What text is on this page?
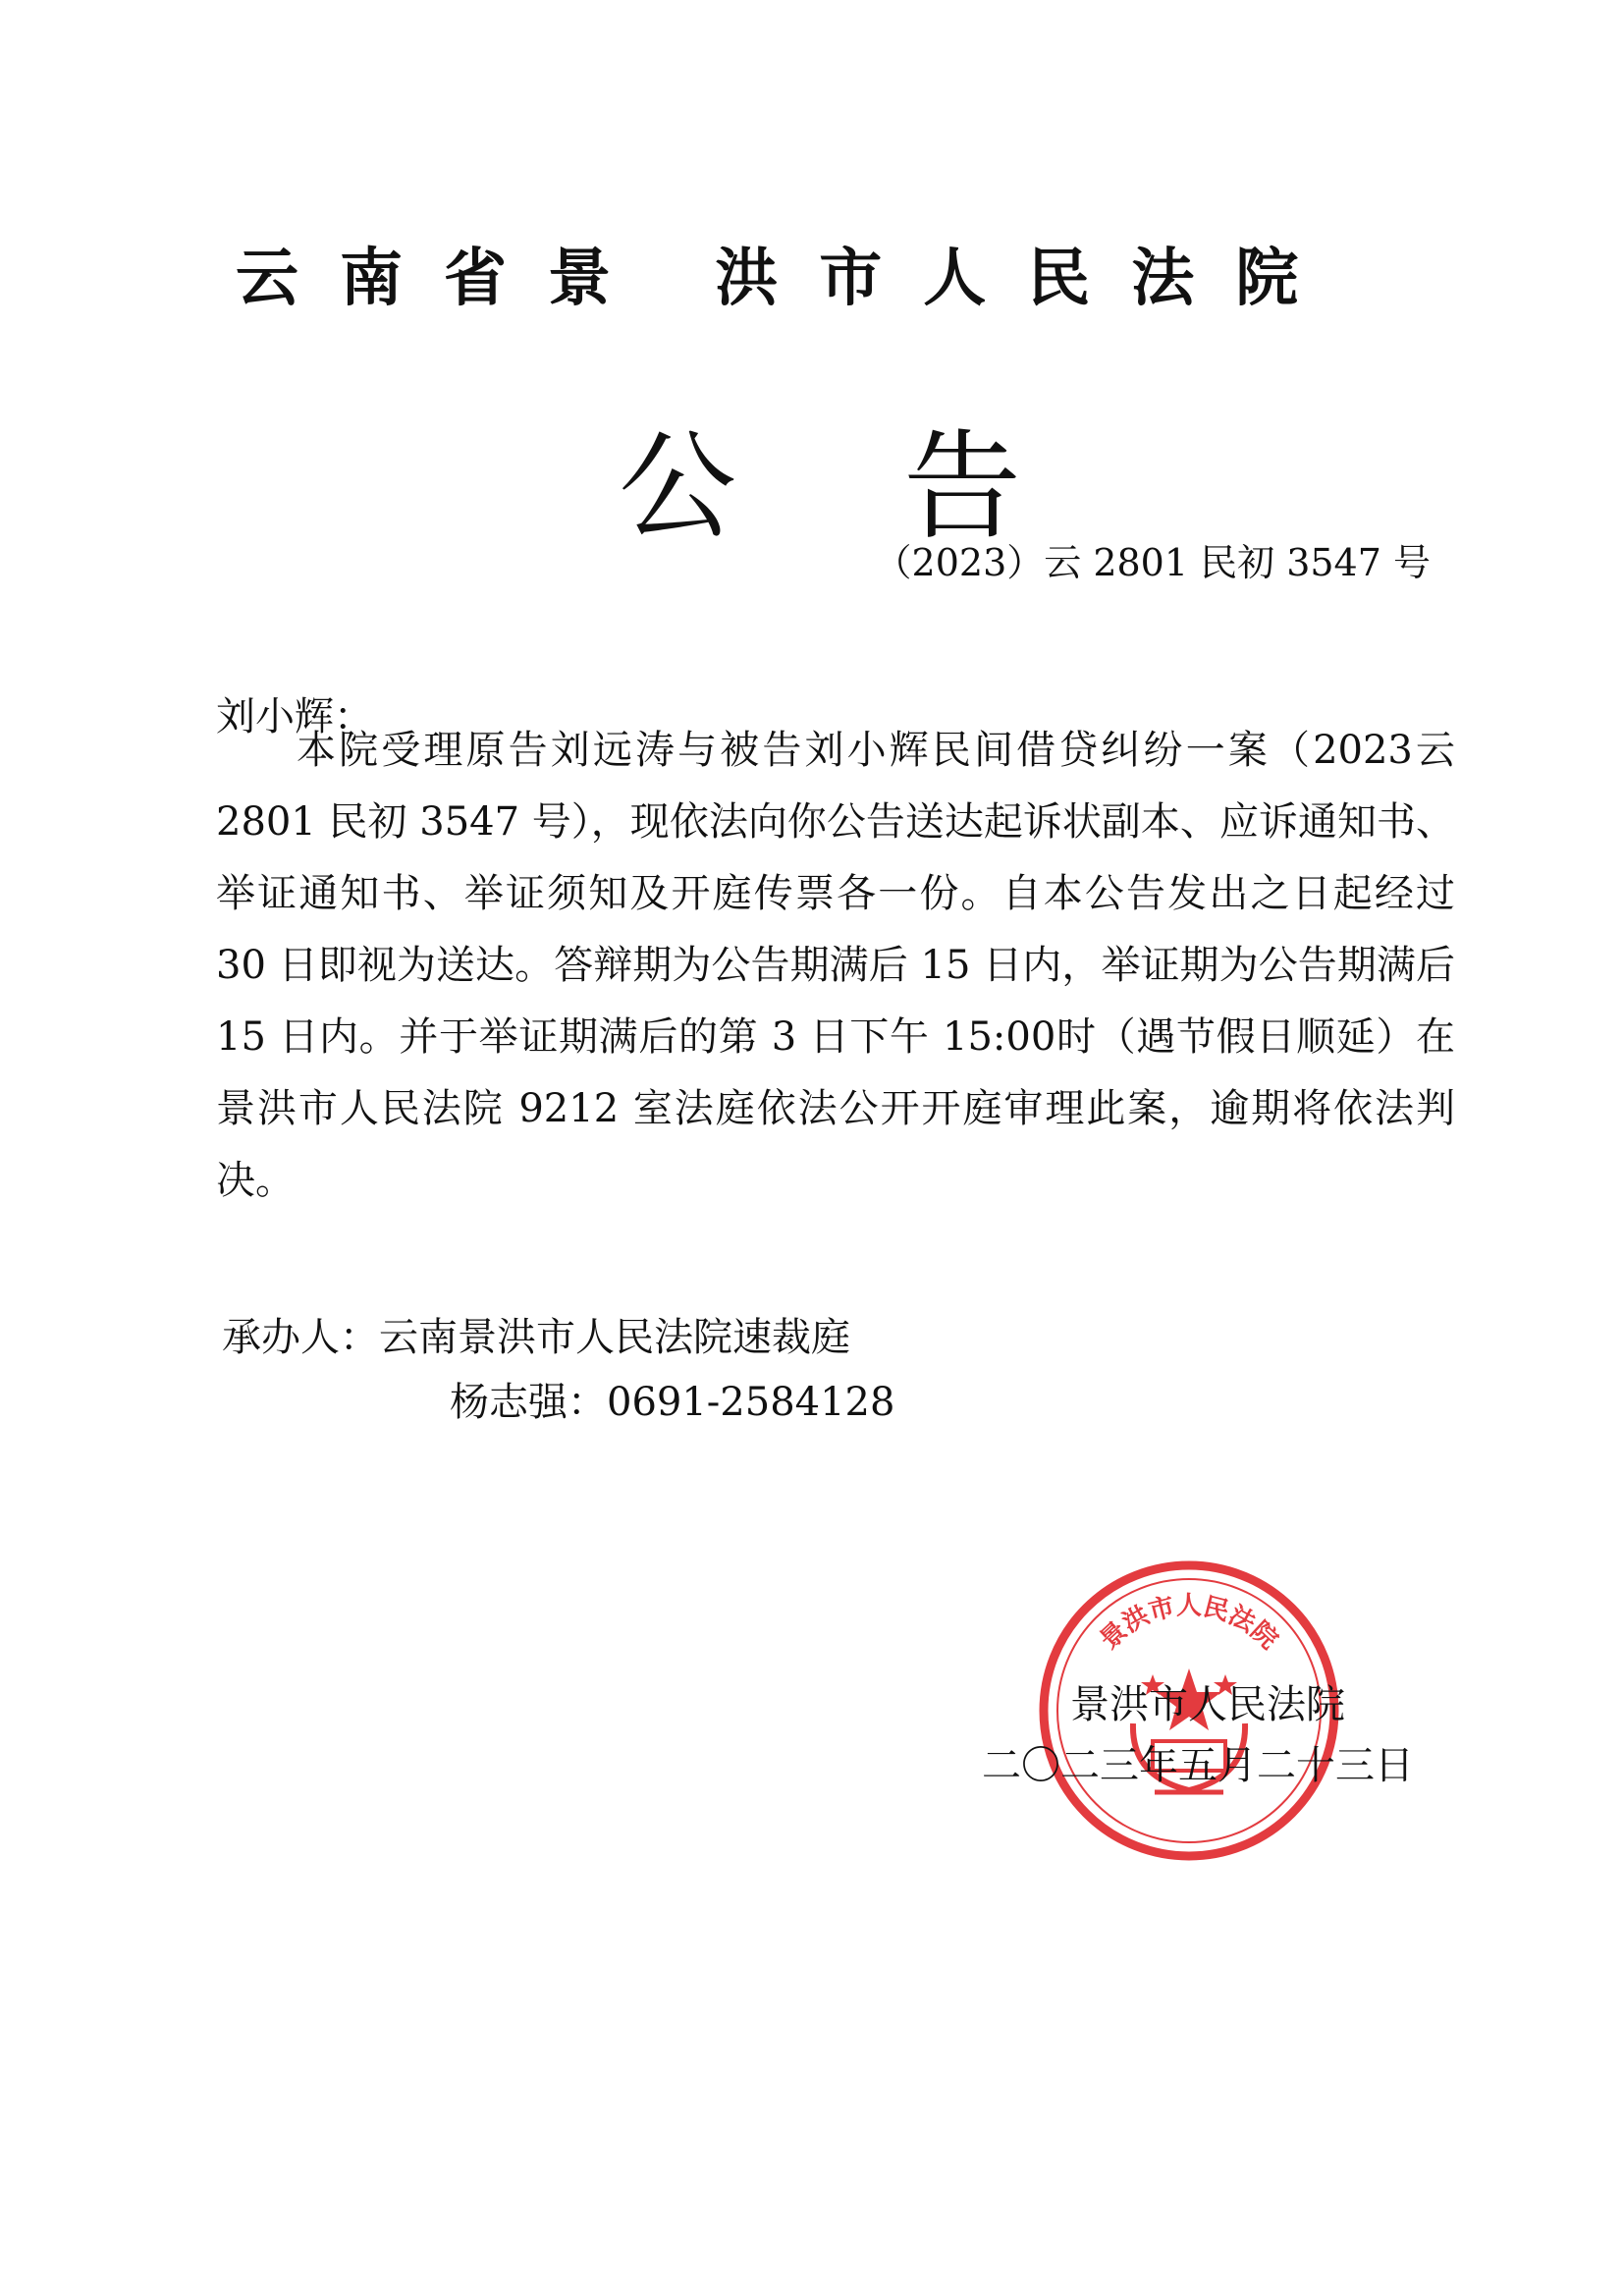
云南省景 洪市人民法院
公告
（2023）云 2801 民初 3547 号
刘小辉：
本院受理原告刘远涛与被告刘小辉民间借贷纠纷一案（2023云 2801 民初 3547 号），现依法向你公告送达起诉状副本、应诉通知书、举证通知书、举证须知及开庭传票各一份。自本公告发出之日起经过 30 日即视为送达。答辩期为公告期满后 15 日内，举证期为公告期满后15 日内。并于举证期满后的第 3 日下午 15:00时（遇节假日顺延）在景洪市人民法院 9212 室法庭依法公开开庭审理此案，逾期将依法判决。
承办人：云南景洪市人民法院速裁庭
杨志强：0691-2584128
景洪市人民法院
景洪市人民法院
二〇二三年五月二十三日
